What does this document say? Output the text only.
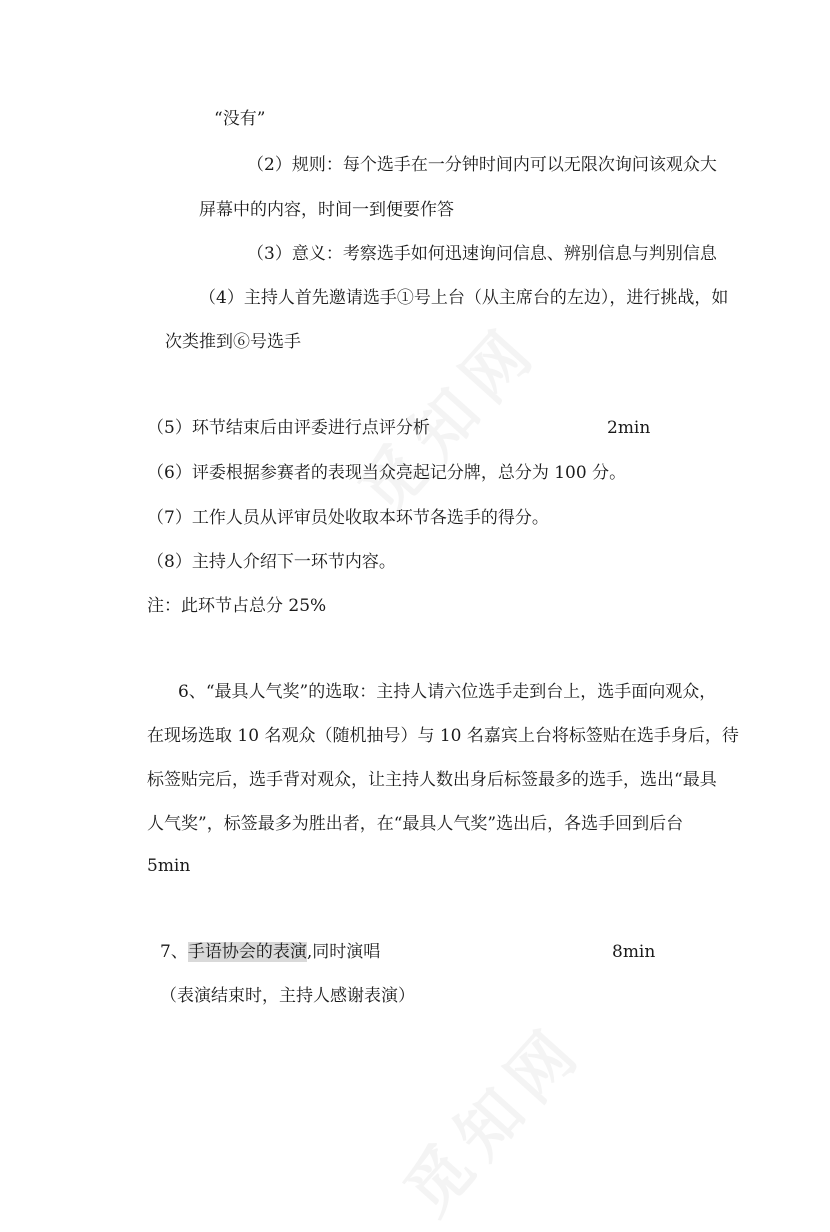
“没有”
（2）规则：每个选手在一分钟时间内可以无限次询问该观众大
屏幕中的内容，时间一到便要作答
（3）意义：考察选手如何迅速询问信息、辨别信息与判别信息
（4）主持人首先邀请选手①号上台（从主席台的左边），进行挑战，如
次类推到⑥号选手
（5）环节结束后由评委进行点评分析	2min
（6）评委根据参赛者的表现当众亮起记分牌，总分为 100 分。
（7）工作人员从评审员处收取本环节各选手的得分。
（8）主持人介绍下一环节内容。
注：此环节占总分 25%
6、“最具人气奖”的选取：主持人请六位选手走到台上，选手面向观众，
在现场选取 10 名观众（随机抽号）与 10 名嘉宾上台将标签贴在选手身后，待
标签贴完后，选手背对观众，让主持人数出身后标签最多的选手，选出“最具
人气奖”，标签最多为胜出者，在“最具人气奖”选出后，各选手回到后台
5min
7、手语协会的表演,同时演唱	8min
（表演结束时，主持人感谢表演）
